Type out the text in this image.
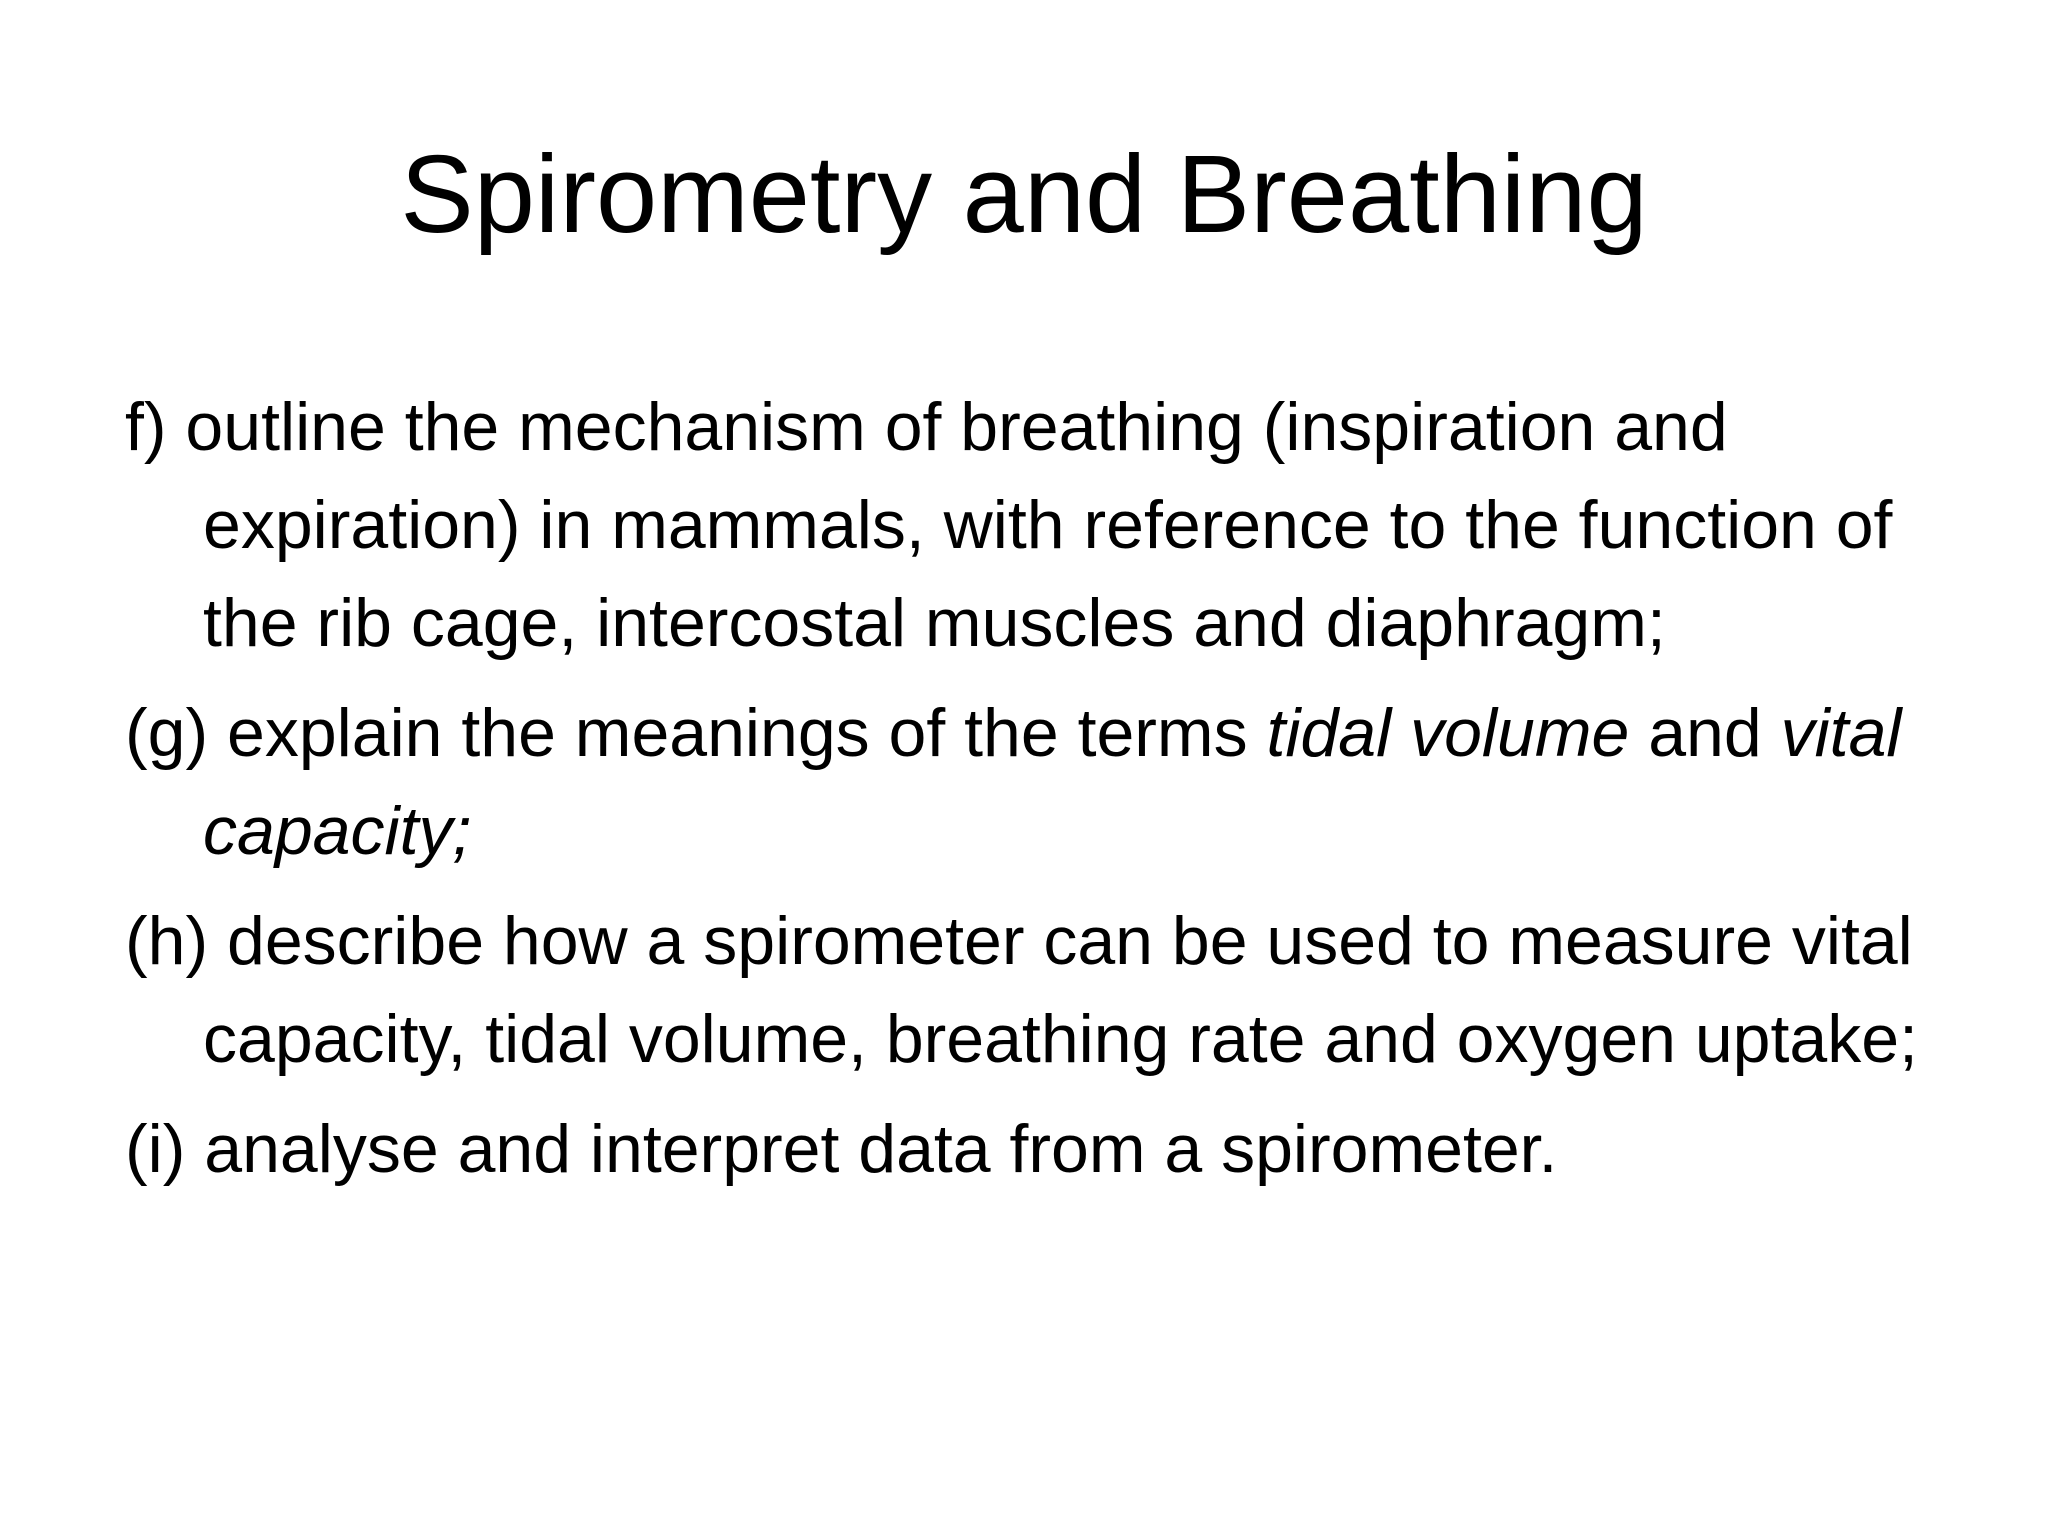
Spirometry and Breathing
f) outline the mechanism of breathing (inspiration and expiration) in mammals, with reference to the function of the rib cage, intercostal muscles and diaphragm;
(g) explain the meanings of the terms tidal volume and vital capacity;
(h) describe how a spirometer can be used to measure vital capacity, tidal volume, breathing rate and oxygen uptake;
(i) analyse and interpret data from a spirometer.
